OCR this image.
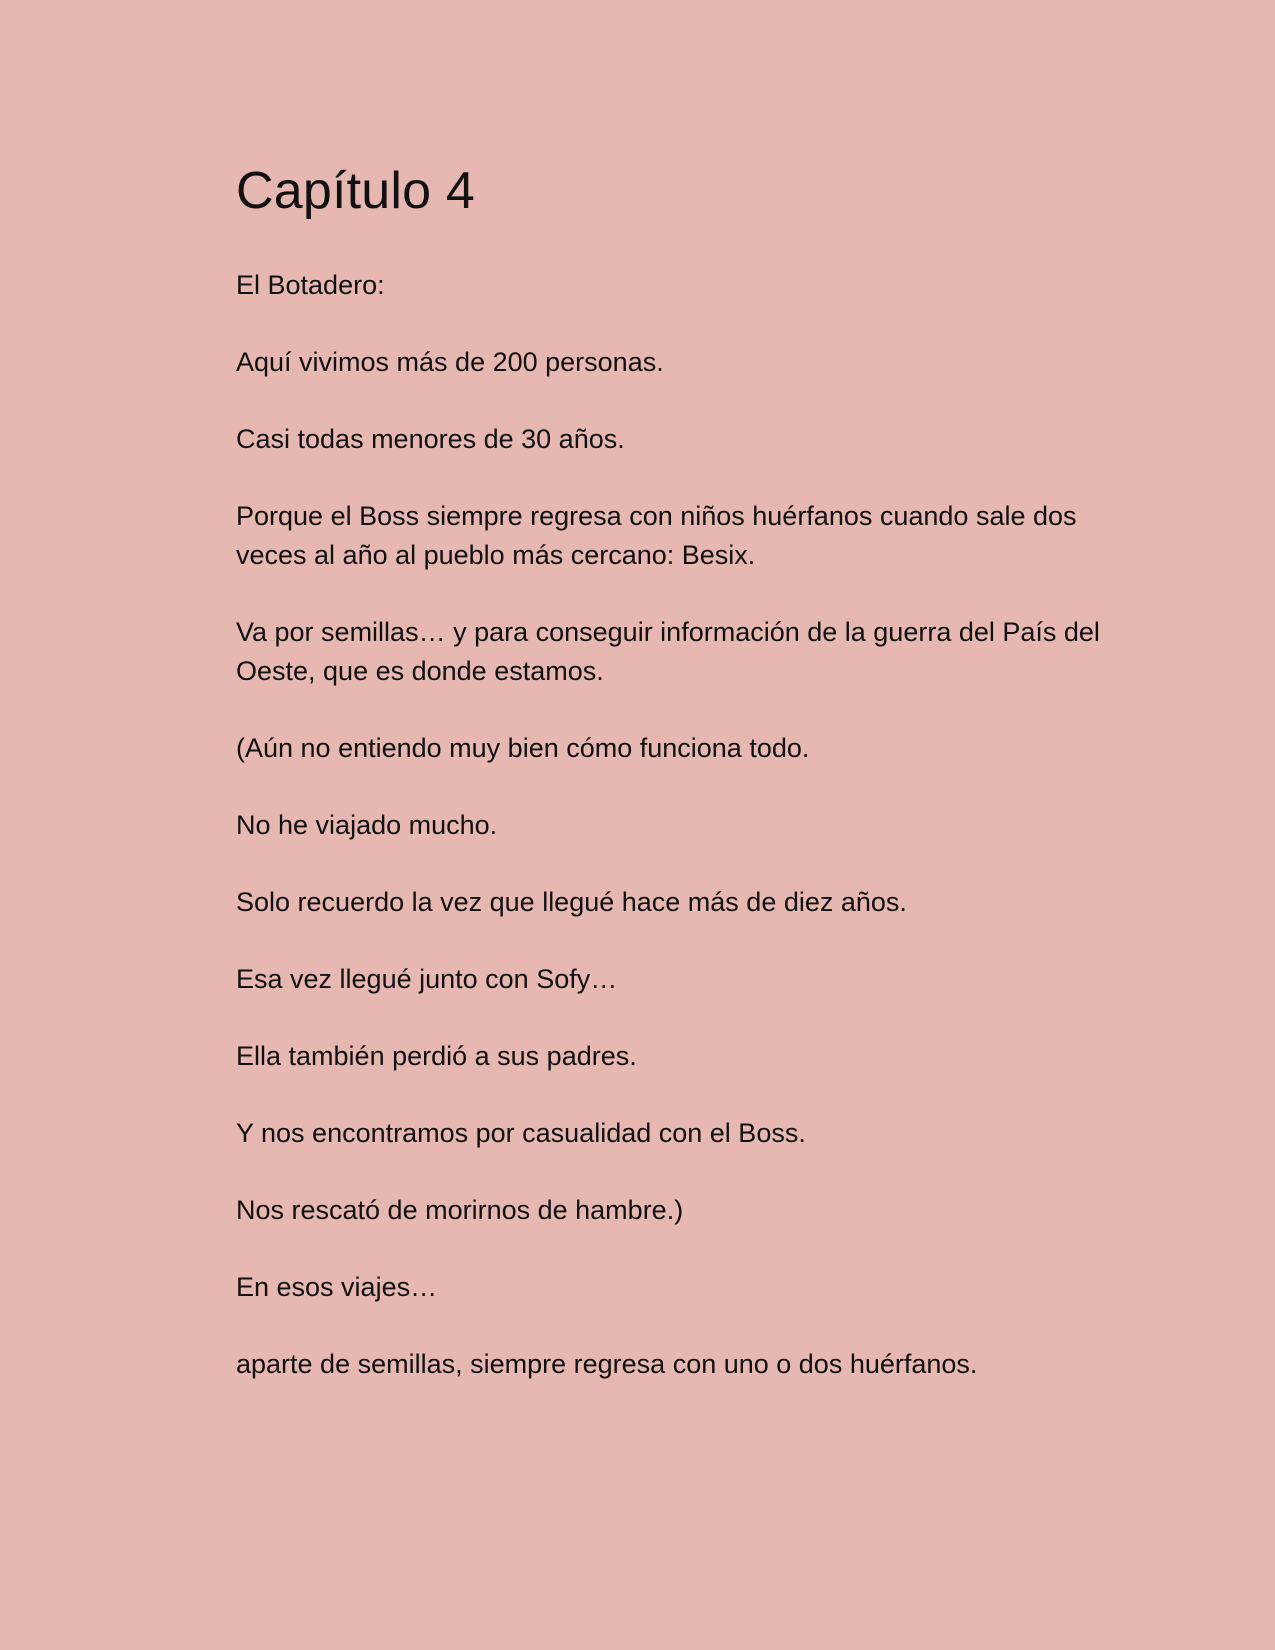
Capítulo 4

El Botadero:

Aquí vivimos más de 200 personas.

Casi todas menores de 30 años.

Porque el Boss siempre regresa con niños huérfanos cuando sale dos veces al año al pueblo más cercano: Besix.

Va por semillas… y para conseguir información de la guerra del País del Oeste, que es donde estamos.

(Aún no entiendo muy bien cómo funciona todo.

No he viajado mucho.

Solo recuerdo la vez que llegué hace más de diez años.

Esa vez llegué junto con Sofy…

Ella también perdió a sus padres.

Y nos encontramos por casualidad con el Boss.

Nos rescató de morirnos de hambre.)

En esos viajes…

aparte de semillas, siempre regresa con uno o dos huérfanos.
